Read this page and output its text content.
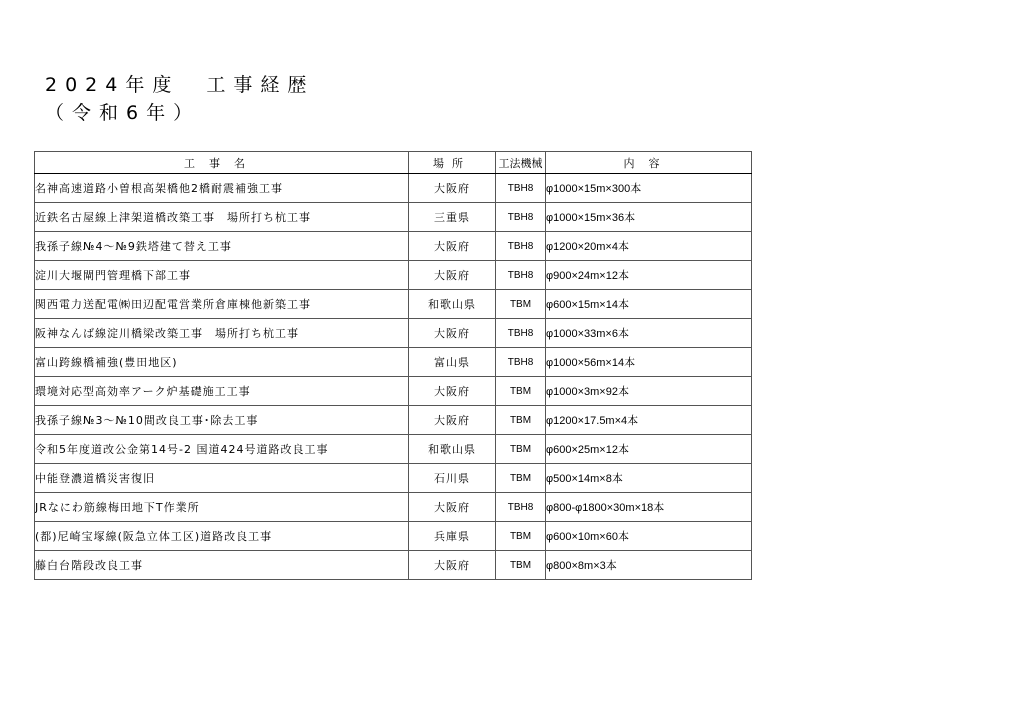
2024年度　工事経歴
（令和6年）
工事名	場所	工法機械	内容
名神高速道路小曽根高架橋他2橋耐震補強工事	大阪府	TBH8	φ1000×15m×300本
近鉄名古屋線上津架道橋改築工事　場所打ち杭工事	三重県	TBH8	φ1000×15m×36本
我孫子線№4～№9鉄塔建て替え工事	大阪府	TBH8	φ1200×20m×4本
淀川大堰閘門管理橋下部工事	大阪府	TBH8	φ900×24m×12本
関西電力送配電㈱田辺配電営業所倉庫棟他新築工事	和歌山県	TBM	φ600×15m×14本
阪神なんば線淀川橋梁改築工事　場所打ち杭工事	大阪府	TBH8	φ1000×33m×6本
富山跨線橋補強(豊田地区)	富山県	TBH8	φ1000×56m×14本
環境対応型高効率アーク炉基礎施工工事	大阪府	TBM	φ1000×3m×92本
我孫子線№3～№10間改良工事･除去工事	大阪府	TBM	φ1200×17.5m×4本
令和5年度道改公金第14号-2 国道424号道路改良工事	和歌山県	TBM	φ600×25m×12本
中能登濃道橋災害復旧	石川県	TBM	φ500×14m×8本
JRなにわ筋線梅田地下T作業所	大阪府	TBH8	φ800-φ1800×30m×18本
(都)尼崎宝塚線(阪急立体工区)道路改良工事	兵庫県	TBM	φ600×10m×60本
藤白台階段改良工事	大阪府	TBM	φ800×8m×3本
